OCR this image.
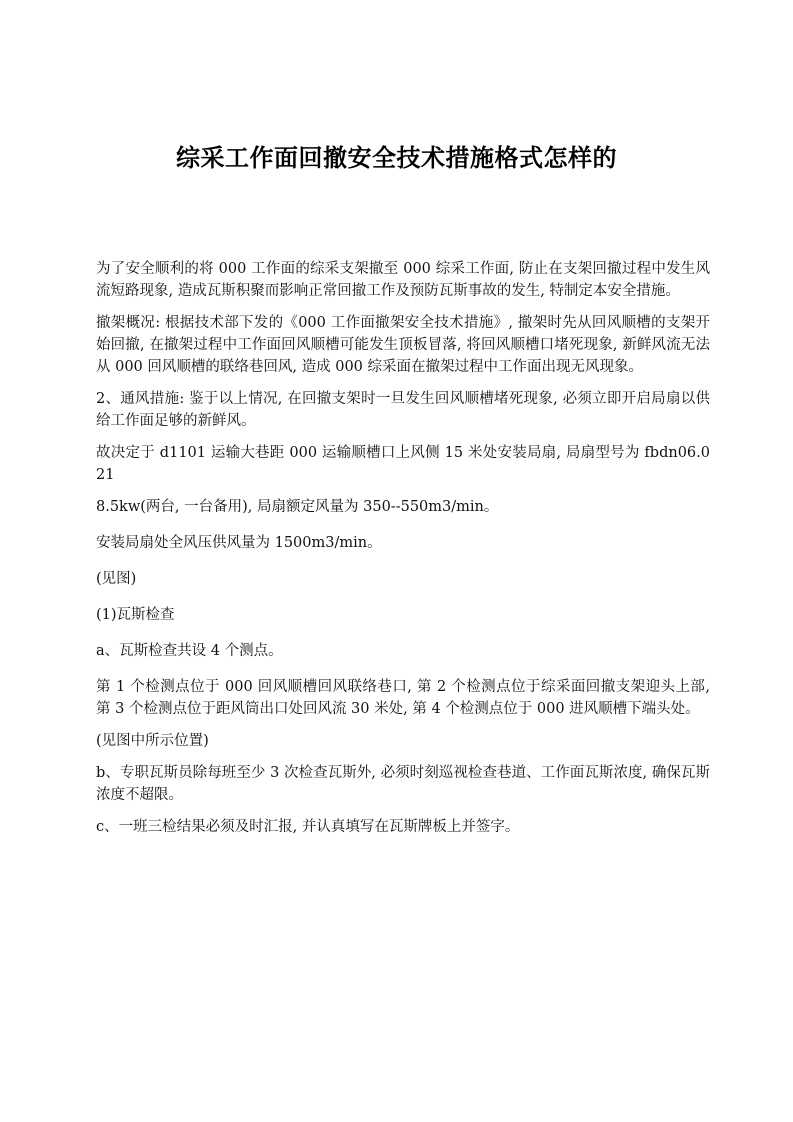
综采工作面回撤安全技术措施格式怎样的

为了安全顺利的将 000 工作面的综采支架撤至 000 综采工作面, 防止在支架回撤过程中发生风流短路现象, 造成瓦斯积聚而影响正常回撤工作及预防瓦斯事故的发生, 特制定本安全措施。

撤架概况: 根据技术部下发的《000 工作面撤架安全技术措施》, 撤架时先从回风顺槽的支架开始回撤, 在撤架过程中工作面回风顺槽可能发生顶板冒落, 将回风顺槽口堵死现象, 新鲜风流无法从 000 回风顺槽的联络巷回风, 造成 000 综采面在撤架过程中工作面出现无风现象。

2、通风措施: 鉴于以上情况, 在回撤支架时一旦发生回风顺槽堵死现象, 必须立即开启局扇以供给工作面足够的新鲜风。

故决定于 d1101 运输大巷距 000 运输顺槽口上风侧 15 米处安装局扇, 局扇型号为 fbdn06.0 21

8.5kw(两台, 一台备用), 局扇额定风量为 350--550m3/min。

安装局扇处全风压供风量为 1500m3/min。

(见图)

(1)瓦斯检查

a、瓦斯检查共设 4 个测点。

第 1 个检测点位于 000 回风顺槽回风联络巷口, 第 2 个检测点位于综采面回撤支架迎头上部, 第 3 个检测点位于距风筒出口处回风流 30 米处, 第 4 个检测点位于 000 进风顺槽下端头处。

(见图中所示位置)

b、专职瓦斯员除每班至少 3 次检查瓦斯外, 必须时刻巡视检查巷道、工作面瓦斯浓度, 确保瓦斯浓度不超限。

c、一班三检结果必须及时汇报, 并认真填写在瓦斯牌板上并签字。
